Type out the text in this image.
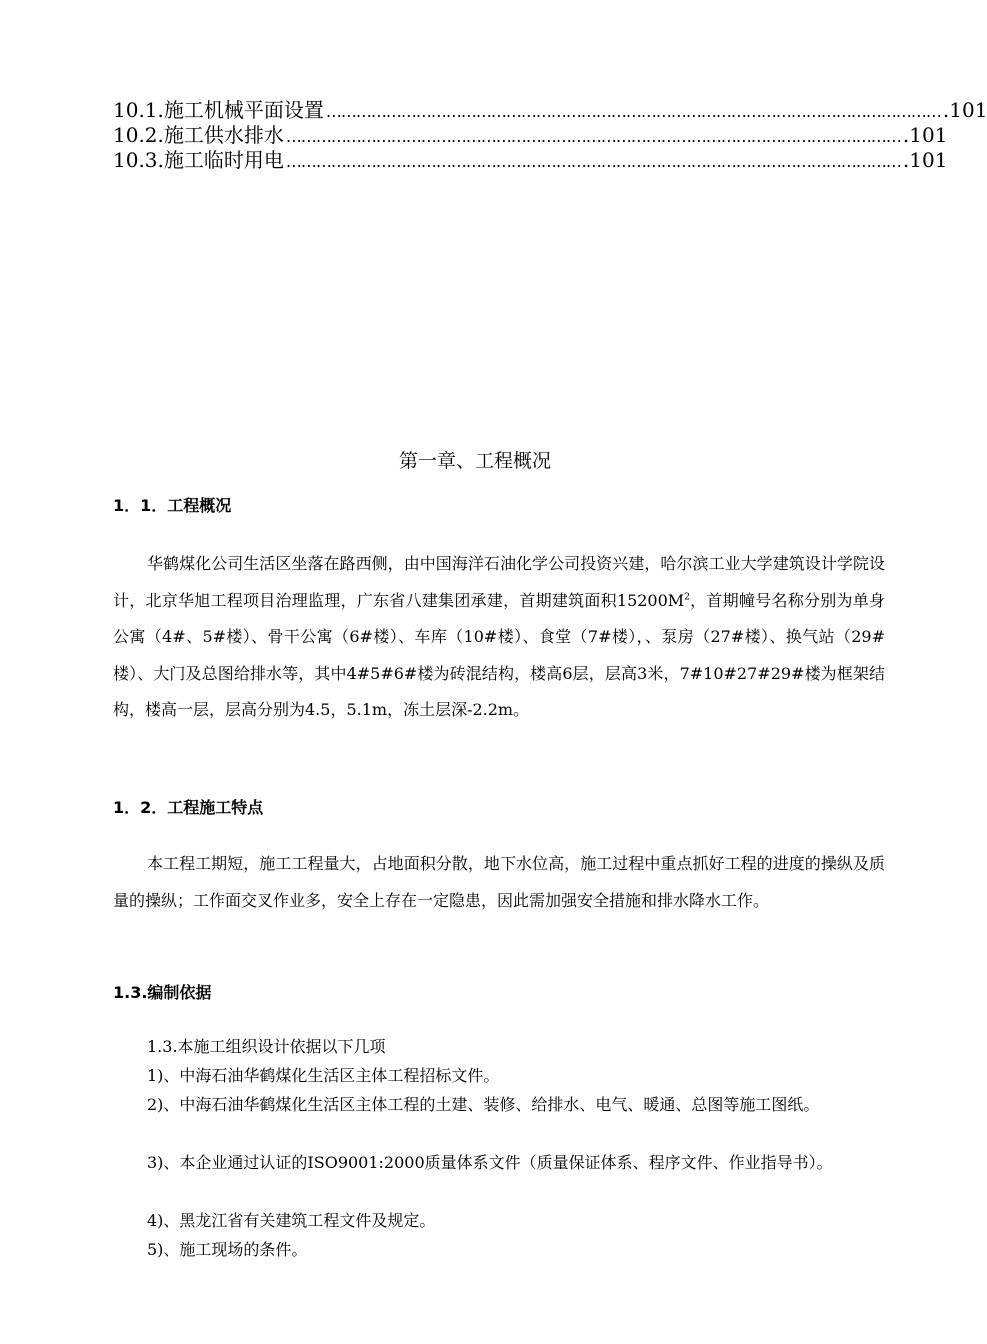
10.1.施工机械平面设置 …………………………………………………………………………………………………………… .101
10.2.施工供水排水 …………………………………………………………………………………………………………… .101
10.3.施工临时用电 …………………………………………………………………………………………………………… .101
第一章、工程概况
1．1．工程概况
华鹤煤化公司生活区坐落在路西侧，由中国海洋石油化学公司投资兴建，哈尔滨工业大学建筑设计学院设计，北京华旭工程项目治理监理，广东省八建集团承建，首期建筑面积$15200M^2$，首期幢号名称分别为单身公寓（4#、5#楼）、骨干公寓（6#楼）、车库（10#楼）、食堂（7#楼），、泵房（27#楼）、换气站（29#楼）、大门及总图给排水等，其中4#5#6#楼为砖混结构，楼高6层，层高3米，7#10#27#29#楼为框架结构，楼高一层，层高分别为4.5，5.1m，冻土层深-2.2m。
1．2．工程施工特点
本工程工期短，施工工程量大，占地面积分散，地下水位高，施工过程中重点抓好工程的进度的操纵及质量的操纵；工作面交叉作业多，安全上存在一定隐患，因此需加强安全措施和排水降水工作。
1.3.编制依据
1.3.本施工组织设计依据以下几项
1)、中海石油华鹤煤化生活区主体工程招标文件。
2)、中海石油华鹤煤化生活区主体工程的土建、装修、给排水、电气、暖通、总图等施工图纸。
3)、本企业通过认证的ISO9001:2000质量体系文件（质量保证体系、程序文件、作业指导书）。
4)、黑龙江省有关建筑工程文件及规定。
5)、施工现场的条件。
